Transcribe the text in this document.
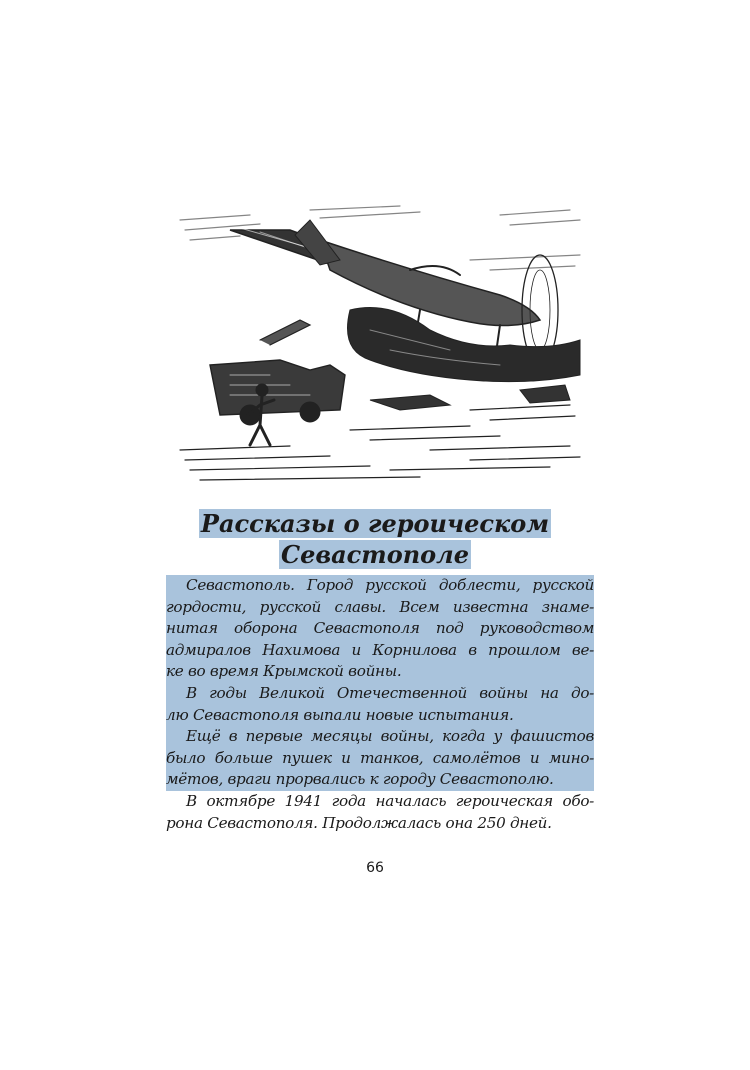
Рассказы о героическом
Севастополе
Севастополь. Город русской доблести, русской
гордости, русской славы. Всем известна знаме-
нитая оборона Севастополя под руководством
адмиралов Нахимова и Корнилова в прошлом ве-
ке во время Крымской войны.
В годы Великой Отечественной войны на до-
лю Севастополя выпали новые испытания.
Ещё в первые месяцы войны, когда у фашистов
было больше пушек и танков, самолётов и мино-
мётов, враги прорвались к городу Севастополю.
В октябре 1941 года началась героическая обо-
рона Севастополя. Продолжалась она 250 дней.
66
